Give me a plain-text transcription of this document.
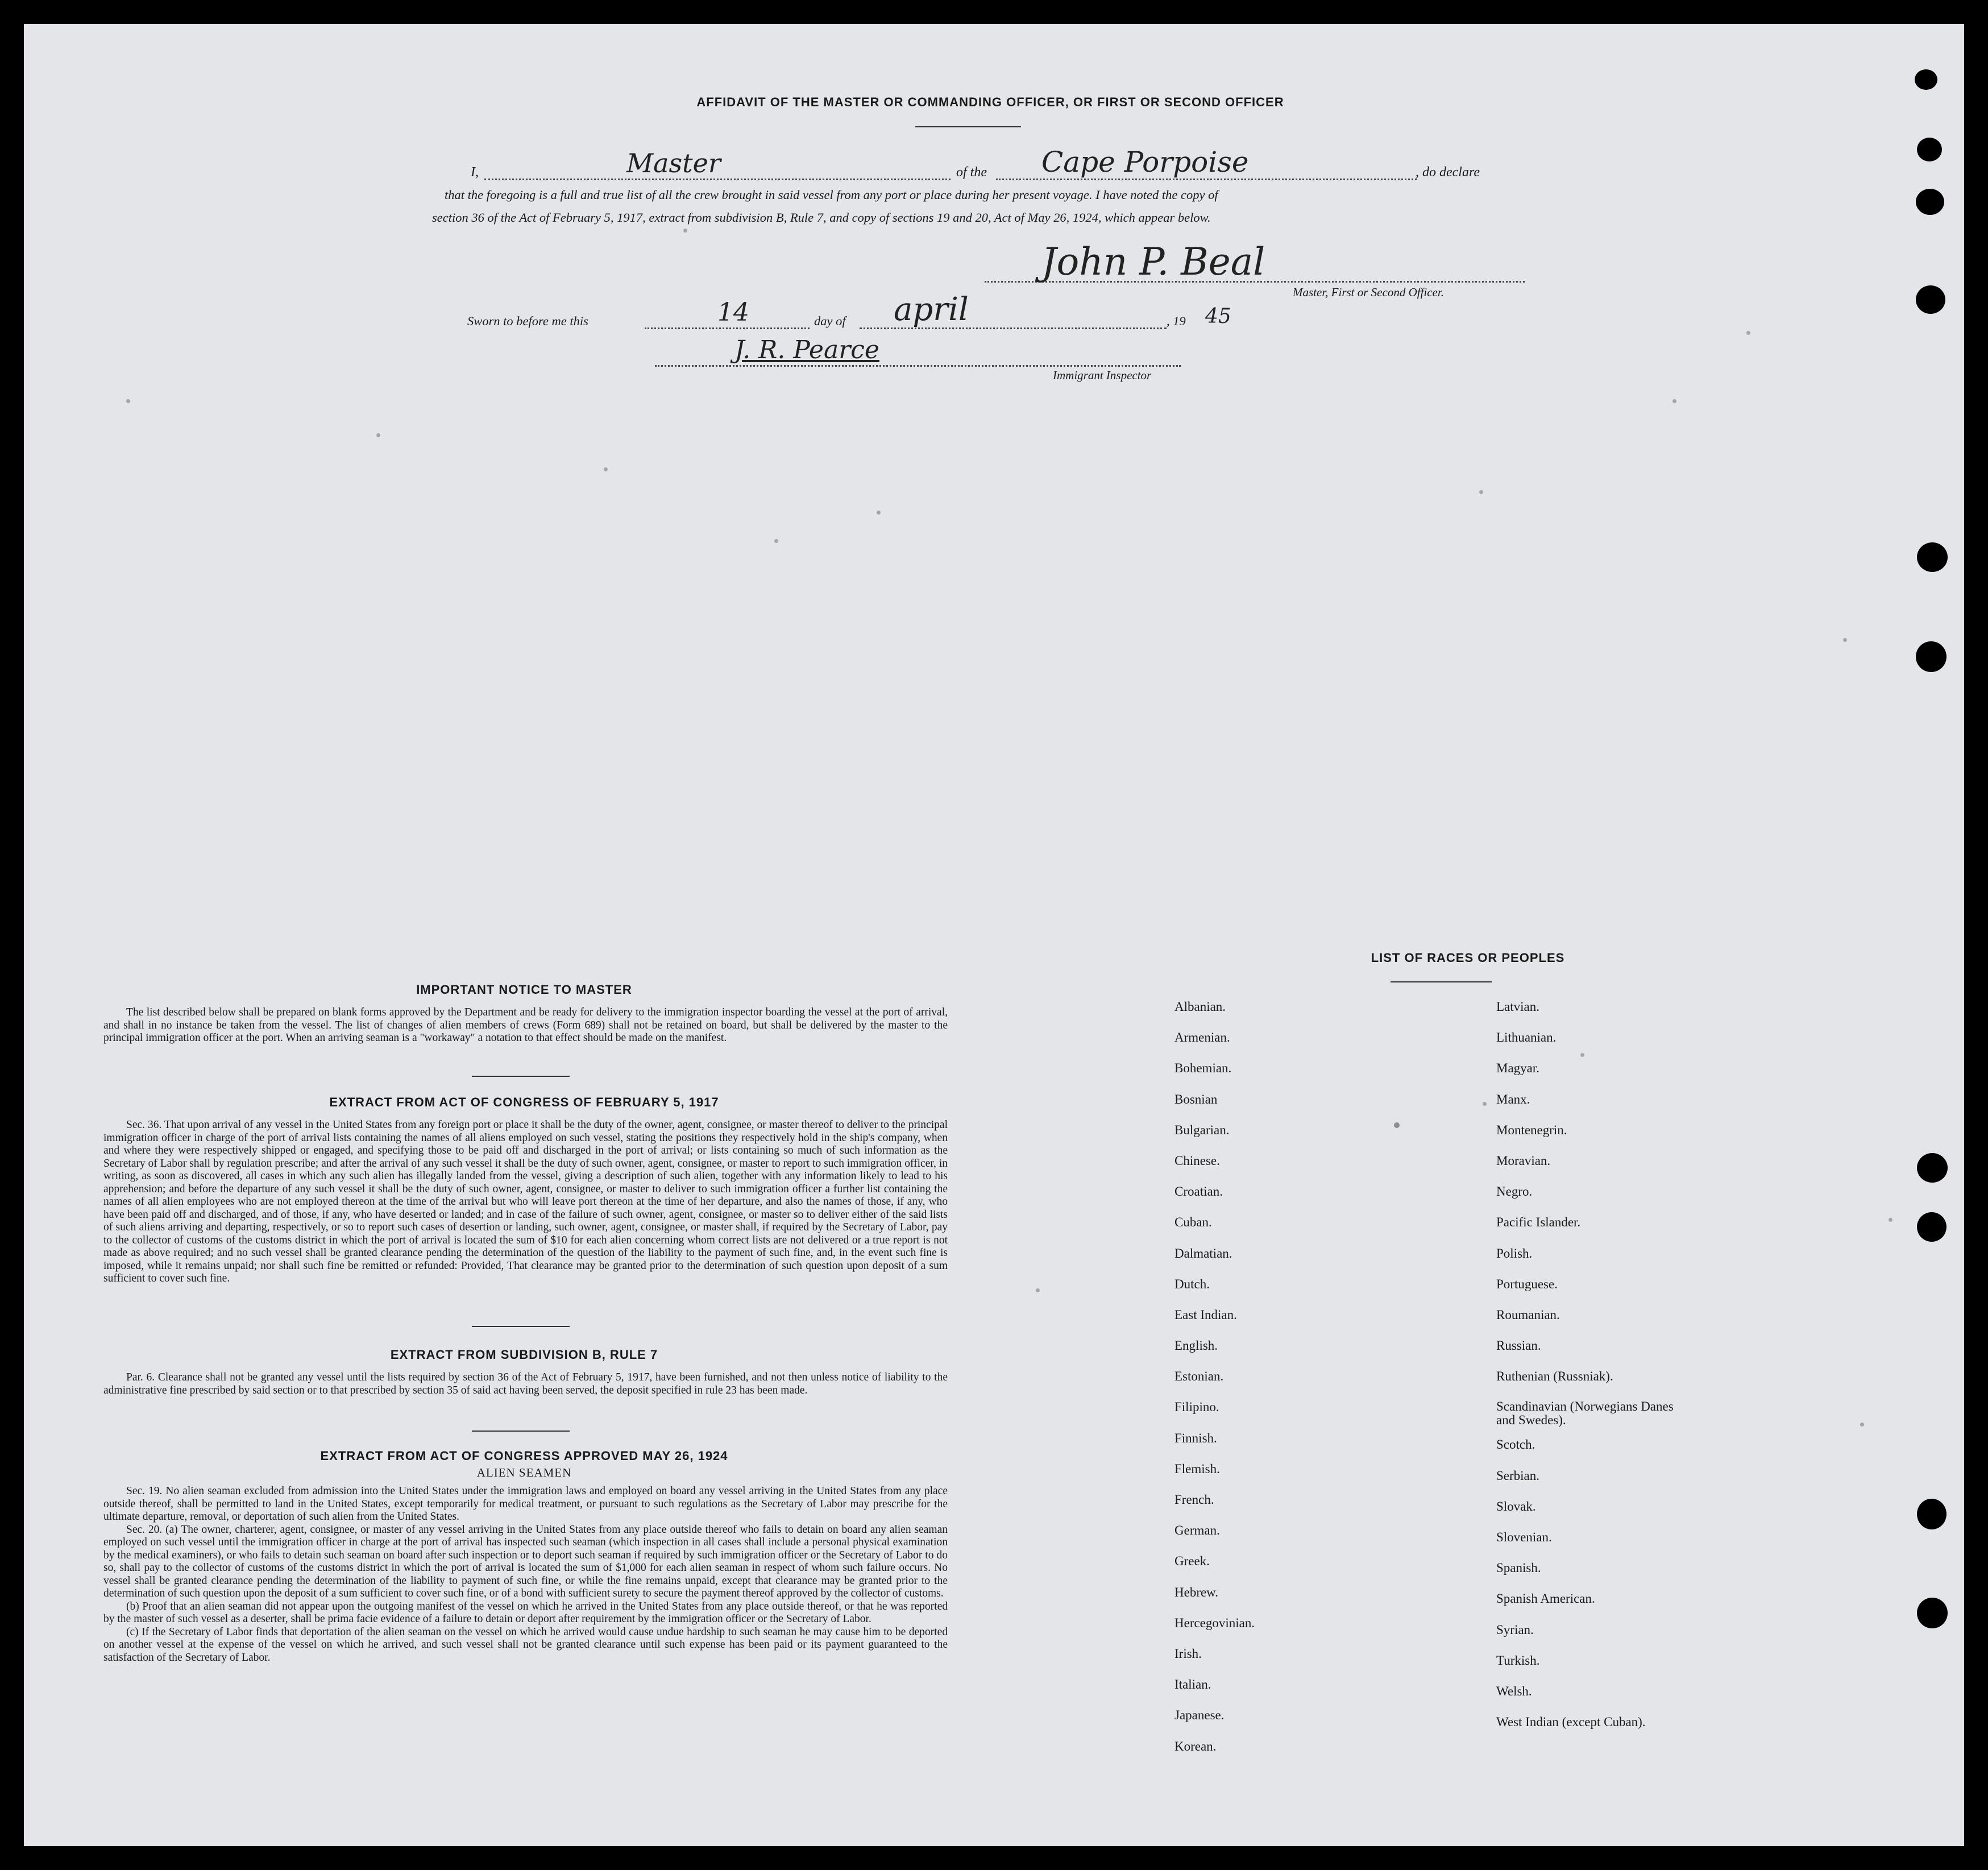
AFFIDAVIT OF THE MASTER OR COMMANDING OFFICER, OR FIRST OR SECOND OFFICER
I,	Master	of the Cape Porpoise	, do declare
that the foregoing is a full and true list of all the crew brought in said vessel from any port or place during her present voyage. I have noted the copy of
section 36 of the Act of February 5, 1917, extract from subdivision B, Rule 7, and copy of sections 19 and 20, Act of May 26, 1924, which appear below.
John P. Beal
Master, First or Second Officer.
Sworn to before me this	14	day of april	, 19 45
J. R. Pearce
Immigrant Inspector
IMPORTANT NOTICE TO MASTER

The list described below shall be prepared on blank forms approved by the Department and be ready for delivery to the immigration inspector boarding the vessel at the port of arrival, and shall in no instance be taken from the vessel. The list of changes of alien members of crews (Form 689) shall not be retained on board, but shall be delivered by the master to the principal immigration officer at the port. When an arriving seaman is a "workaway" a notation to that effect should be made on the manifest.

EXTRACT FROM ACT OF CONGRESS OF FEBRUARY 5, 1917

Sec. 36. That upon arrival of any vessel in the United States from any foreign port or place it shall be the duty of the owner, agent, consignee, or master thereof to deliver to the principal immigration officer in charge of the port of arrival lists containing the names of all aliens employed on such vessel, stating the positions they respectively hold in the ship's company, when and where they were respectively shipped or engaged, and specifying those to be paid off and discharged in the port of arrival; or lists containing so much of such information as the Secretary of Labor shall by regulation prescribe; and after the arrival of any such vessel it shall be the duty of such owner, agent, consignee, or master to report to such immigration officer, in writing, as soon as discovered, all cases in which any such alien has illegally landed from the vessel, giving a description of such alien, together with any information likely to lead to his apprehension; and before the departure of any such vessel it shall be the duty of such owner, agent, consignee, or master to deliver to such immigration officer a further list containing the names of all alien employees who are not employed thereon at the time of the arrival but who will leave port thereon at the time of her departure, and also the names of those, if any, who have been paid off and discharged, and of those, if any, who have deserted or landed; and in case of the failure of such owner, agent, consignee, or master so to deliver either of the said lists of such aliens arriving and departing, respectively, or so to report such cases of desertion or landing, such owner, agent, consignee, or master shall, if required by the Secretary of Labor, pay to the collector of customs of the customs district in which the port of arrival is located the sum of $10 for each alien concerning whom correct lists are not delivered or a true report is not made as above required; and no such vessel shall be granted clearance pending the determination of the question of the liability to the payment of such fine, and, in the event such fine is imposed, while it remains unpaid; nor shall such fine be remitted or refunded: Provided, That clearance may be granted prior to the determination of such question upon deposit of a sum sufficient to cover such fine.

EXTRACT FROM SUBDIVISION B, RULE 7

Par. 6. Clearance shall not be granted any vessel until the lists required by section 36 of the Act of February 5, 1917, have been furnished, and not then unless notice of liability to the administrative fine prescribed by said section or to that prescribed by section 35 of said act having been served, the deposit specified in rule 23 has been made.

EXTRACT FROM ACT OF CONGRESS APPROVED MAY 26, 1924
ALIEN SEAMEN

Sec. 19. No alien seaman excluded from admission into the United States under the immigration laws and employed on board any vessel arriving in the United States from any place outside thereof, shall be permitted to land in the United States, except temporarily for medical treatment, or pursuant to such regulations as the Secretary of Labor may prescribe for the ultimate departure, removal, or deportation of such alien from the United States.

Sec. 20. (a) The owner, charterer, agent, consignee, or master of any vessel arriving in the United States from any place outside thereof who fails to detain on board any alien seaman employed on such vessel until the immigration officer in charge at the port of arrival has inspected such seaman (which inspection in all cases shall include a personal physical examination by the medical examiners), or who fails to detain such seaman on board after such inspection or to deport such seaman if required by such immigration officer or the Secretary of Labor to do so, shall pay to the collector of customs of the customs district in which the port of arrival is located the sum of $1,000 for each alien seaman in respect of whom such failure occurs. No vessel shall be granted clearance pending the determination of the liability to payment of such fine, or while the fine remains unpaid, except that clearance may be granted prior to the determination of such question upon the deposit of a sum sufficient to cover such fine, or of a bond with sufficient surety to secure the payment thereof approved by the collector of customs.

(b) Proof that an alien seaman did not appear upon the outgoing manifest of the vessel on which he arrived in the United States from any place outside thereof, or that he was reported by the master of such vessel as a deserter, shall be prima facie evidence of a failure to detain or deport after requirement by the immigration officer or the Secretary of Labor.

(c) If the Secretary of Labor finds that deportation of the alien seaman on the vessel on which he arrived would cause undue hardship to such seaman he may cause him to be deported on another vessel at the expense of the vessel on which he arrived, and such vessel shall not be granted clearance until such expense has been paid or its payment guaranteed to the satisfaction of the Secretary of Labor.

LIST OF RACES OR PEOPLES
Albanian.
Armenian.
Bohemian.
Bosnian
Bulgarian.
Chinese.
Croatian.
Cuban.
Dalmatian.
Dutch.
East Indian.
English.
Estonian.
Filipino.
Finnish.
Flemish.
French.
German.
Greek.
Hebrew.
Hercegovinian.
Irish.
Italian.
Japanese.
Korean.
Latvian.
Lithuanian.
Magyar.
Manx.
Montenegrin.
Moravian.
Negro.
Pacific Islander.
Polish.
Portuguese.
Roumanian.
Russian.
Ruthenian (Russniak).
Scandinavian (Norwegians Danes and Swedes).
Scotch.
Serbian.
Slovak.
Slovenian.
Spanish.
Spanish American.
Syrian.
Turkish.
Welsh.
West Indian (except Cuban).
